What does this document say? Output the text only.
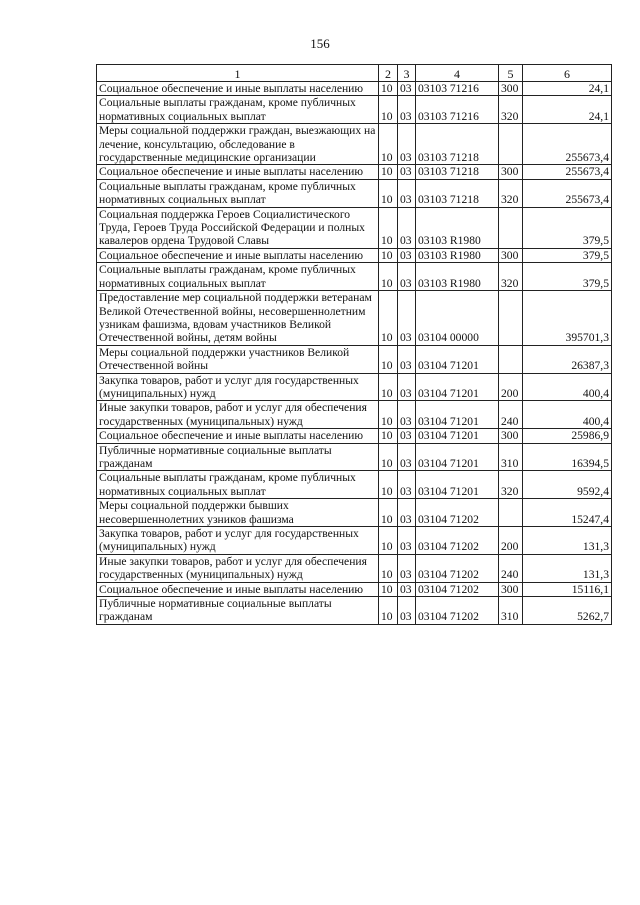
156
1	2	3	4	5	6
Социальное обеспечение и иные выплаты населению	10	03	03103 71216	300	24,1
Социальные выплаты гражданам, кроме публичных нормативных социальных выплат	10	03	03103 71216	320	24,1
Меры социальной поддержки граждан, выезжающих на лечение, консультацию, обследование в государственные медицинские организации	10	03	03103 71218		255673,4
Социальное обеспечение и иные выплаты населению	10	03	03103 71218	300	255673,4
Социальные выплаты гражданам, кроме публичных нормативных социальных выплат	10	03	03103 71218	320	255673,4
Социальная поддержка Героев Социалистического Труда, Героев Труда Российской Федерации и полных кавалеров ордена Трудовой Славы	10	03	03103 R1980		379,5
Социальное обеспечение и иные выплаты населению	10	03	03103 R1980	300	379,5
Социальные выплаты гражданам, кроме публичных нормативных социальных выплат	10	03	03103 R1980	320	379,5
Предоставление мер социальной поддержки ветеранам Великой Отечественной войны, несовершеннолетним узникам фашизма, вдовам участников Великой Отечественной войны, детям войны	10	03	03104 00000		395701,3
Меры социальной поддержки участников Великой Отечественной войны	10	03	03104 71201		26387,3
Закупка товаров, работ и услуг для государственных (муниципальных) нужд	10	03	03104 71201	200	400,4
Иные закупки товаров, работ и услуг для обеспечения государственных (муниципальных) нужд	10	03	03104 71201	240	400,4
Социальное обеспечение и иные выплаты населению	10	03	03104 71201	300	25986,9
Публичные нормативные социальные выплаты гражданам	10	03	03104 71201	310	16394,5
Социальные выплаты гражданам, кроме публичных нормативных социальных выплат	10	03	03104 71201	320	9592,4
Меры социальной поддержки бывших несовершеннолетних узников фашизма	10	03	03104 71202		15247,4
Закупка товаров, работ и услуг для государственных (муниципальных) нужд	10	03	03104 71202	200	131,3
Иные закупки товаров, работ и услуг для обеспечения государственных (муниципальных) нужд	10	03	03104 71202	240	131,3
Социальное обеспечение и иные выплаты населению	10	03	03104 71202	300	15116,1
Публичные нормативные социальные выплаты гражданам	10	03	03104 71202	310	5262,7
